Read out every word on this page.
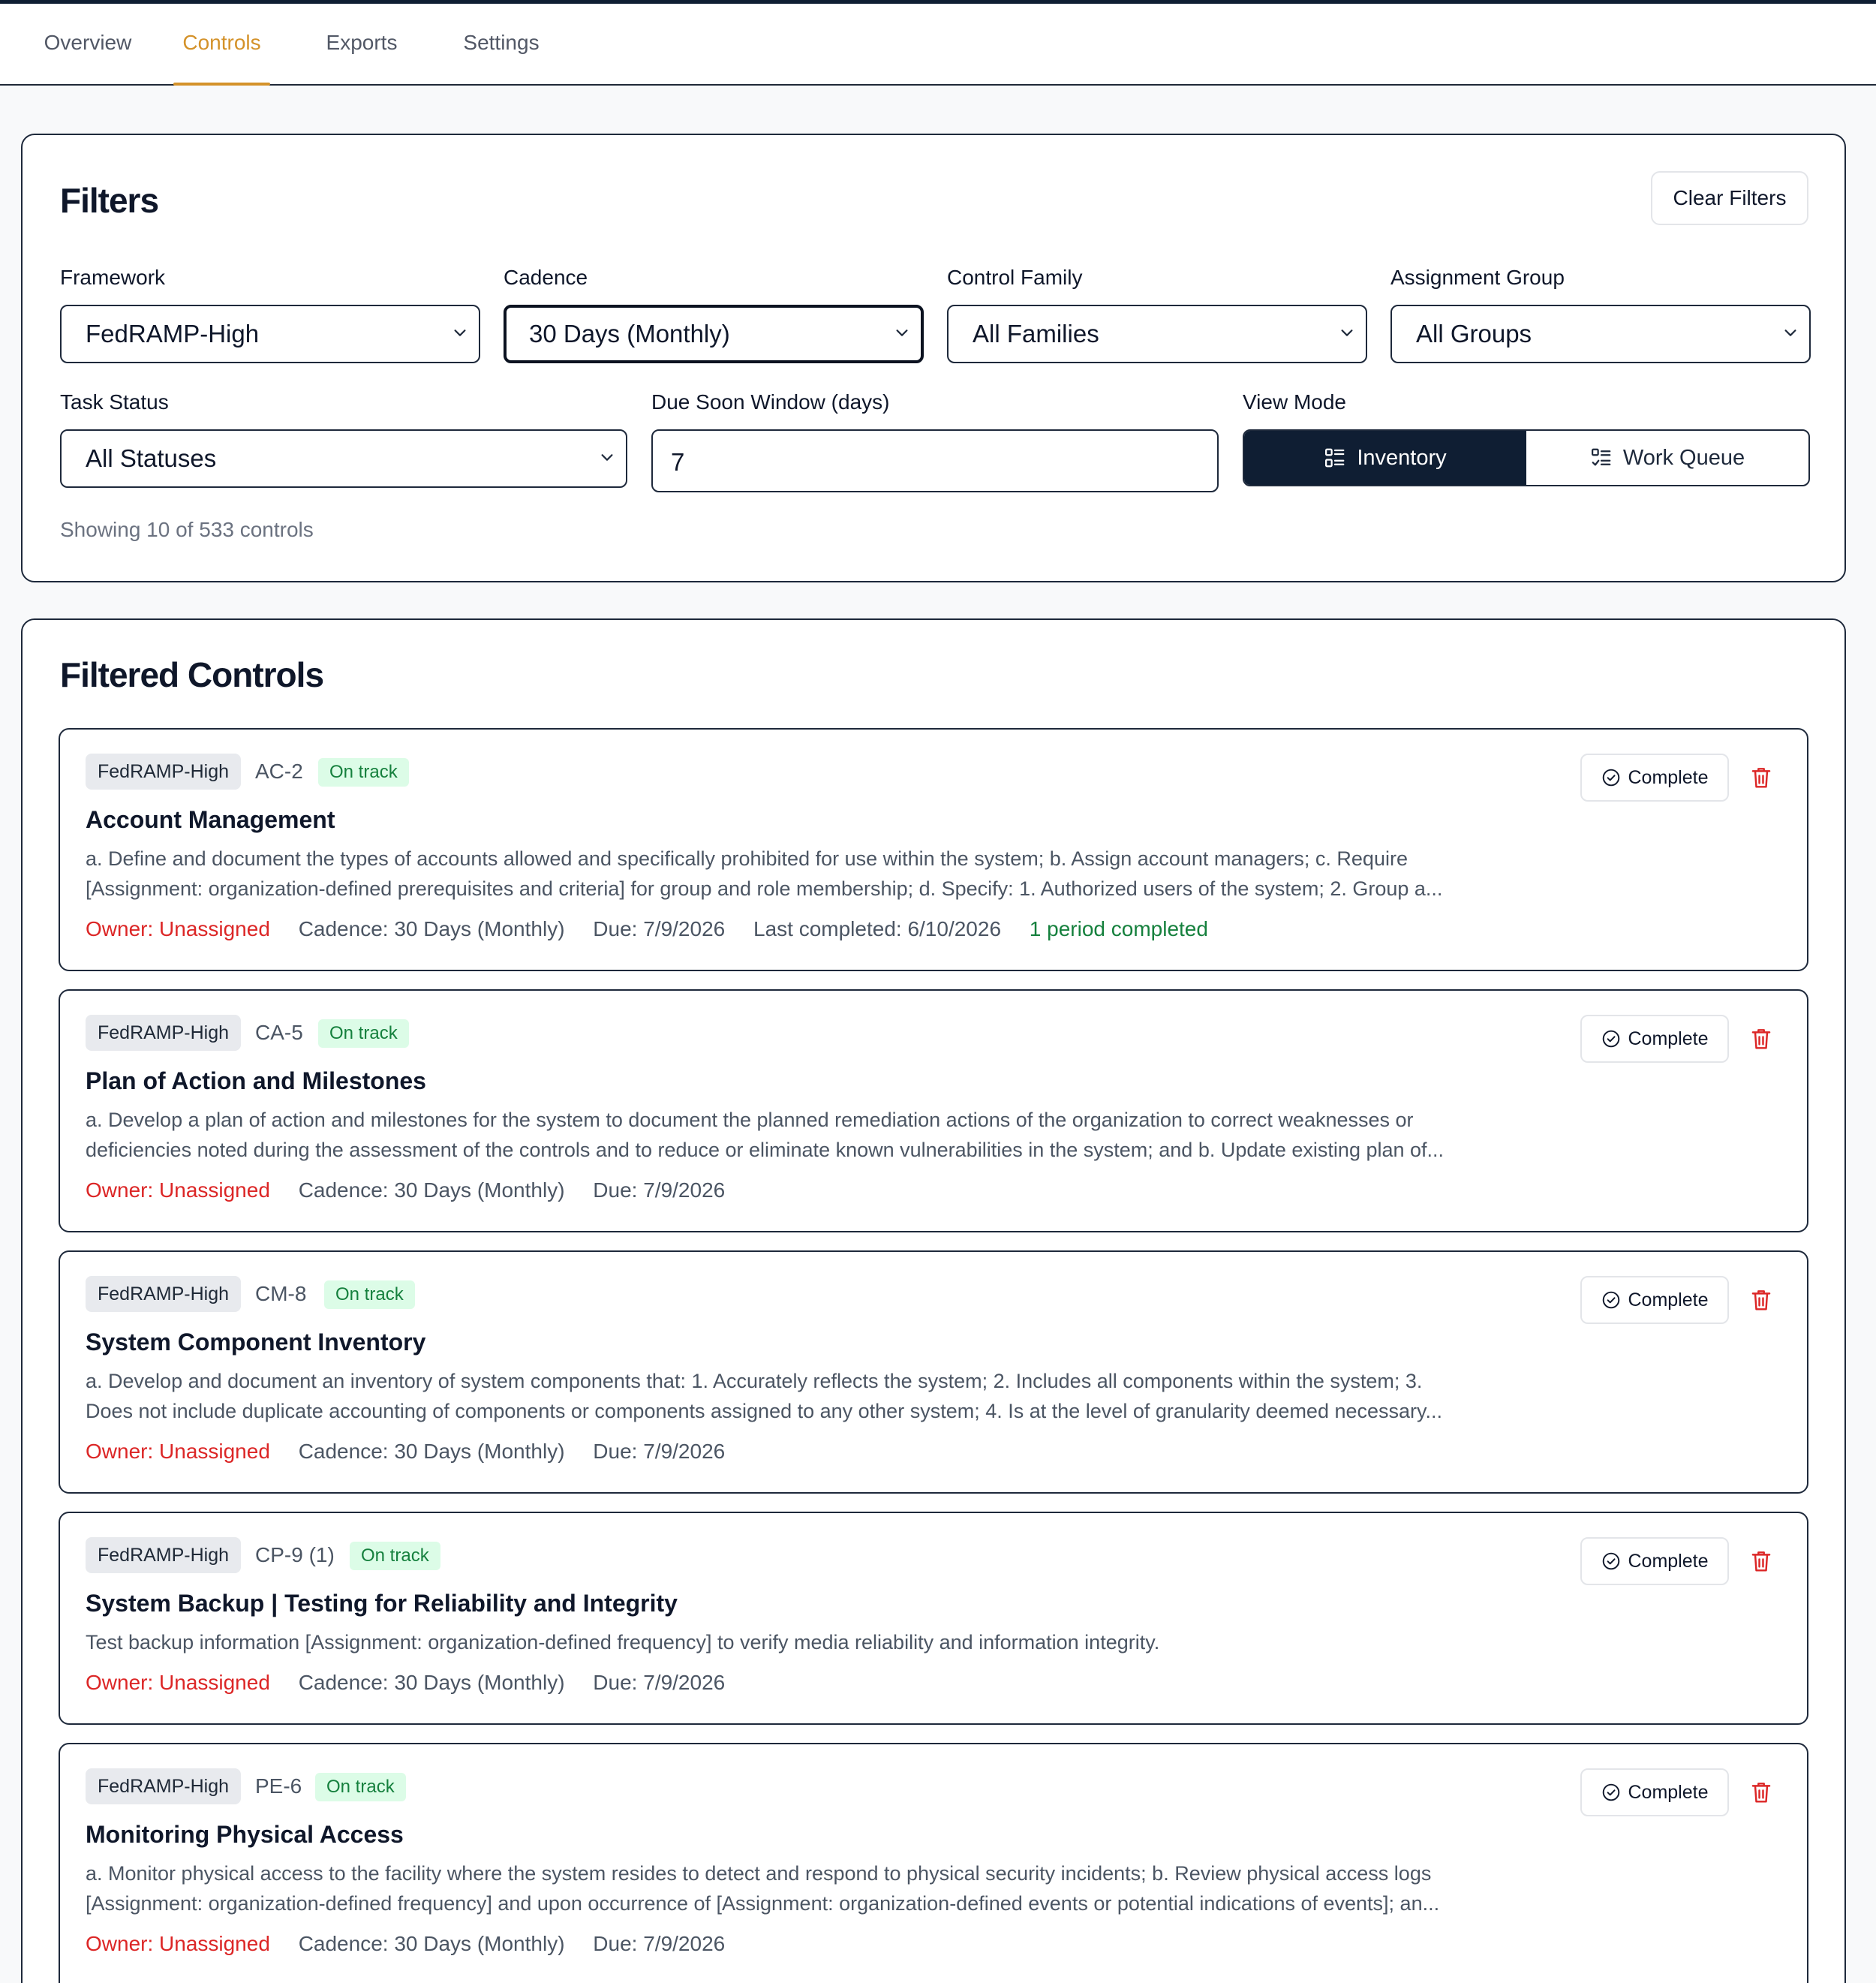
Overview	Controls	Exports	Settings
Filters	Clear Filters
Framework
FedRAMP-High
Cadence
30 Days (Monthly)
Control Family
All Families
Assignment Group
All Groups
Task Status
All Statuses
Due Soon Window (days)
7
View Mode
Inventory	Work Queue
Showing 10 of 533 controls
Filtered Controls
FedRAMP-High	AC-2	On track
Account Management
a. Define and document the types of accounts allowed and specifically prohibited for use within the system; b. Assign account managers; c. Require
[Assignment: organization-defined prerequisites and criteria] for group and role membership; d. Specify: 1. Authorized users of the system; 2. Group a...
Owner: Unassigned Cadence: 30 Days (Monthly) Due: 7/9/2026 Last completed: 6/10/2026 1 period completed
Complete
FedRAMP-High	CA-5	On track
Plan of Action and Milestones
a. Develop a plan of action and milestones for the system to document the planned remediation actions of the organization to correct weaknesses or
deficiencies noted during the assessment of the controls and to reduce or eliminate known vulnerabilities in the system; and b. Update existing plan of...
Owner: Unassigned Cadence: 30 Days (Monthly) Due: 7/9/2026
Complete
FedRAMP-High	CM-8	On track
System Component Inventory
a. Develop and document an inventory of system components that: 1. Accurately reflects the system; 2. Includes all components within the system; 3.
Does not include duplicate accounting of components or components assigned to any other system; 4. Is at the level of granularity deemed necessary...
Owner: Unassigned Cadence: 30 Days (Monthly) Due: 7/9/2026
Complete
FedRAMP-High	CP-9 (1)	On track
System Backup | Testing for Reliability and Integrity
Test backup information [Assignment: organization-defined frequency] to verify media reliability and information integrity.
Owner: Unassigned Cadence: 30 Days (Monthly) Due: 7/9/2026
Complete
FedRAMP-High	PE-6	On track
Monitoring Physical Access
a. Monitor physical access to the facility where the system resides to detect and respond to physical security incidents; b. Review physical access logs
[Assignment: organization-defined frequency] and upon occurrence of [Assignment: organization-defined events or potential indications of events]; an...
Owner: Unassigned Cadence: 30 Days (Monthly) Due: 7/9/2026
Complete
